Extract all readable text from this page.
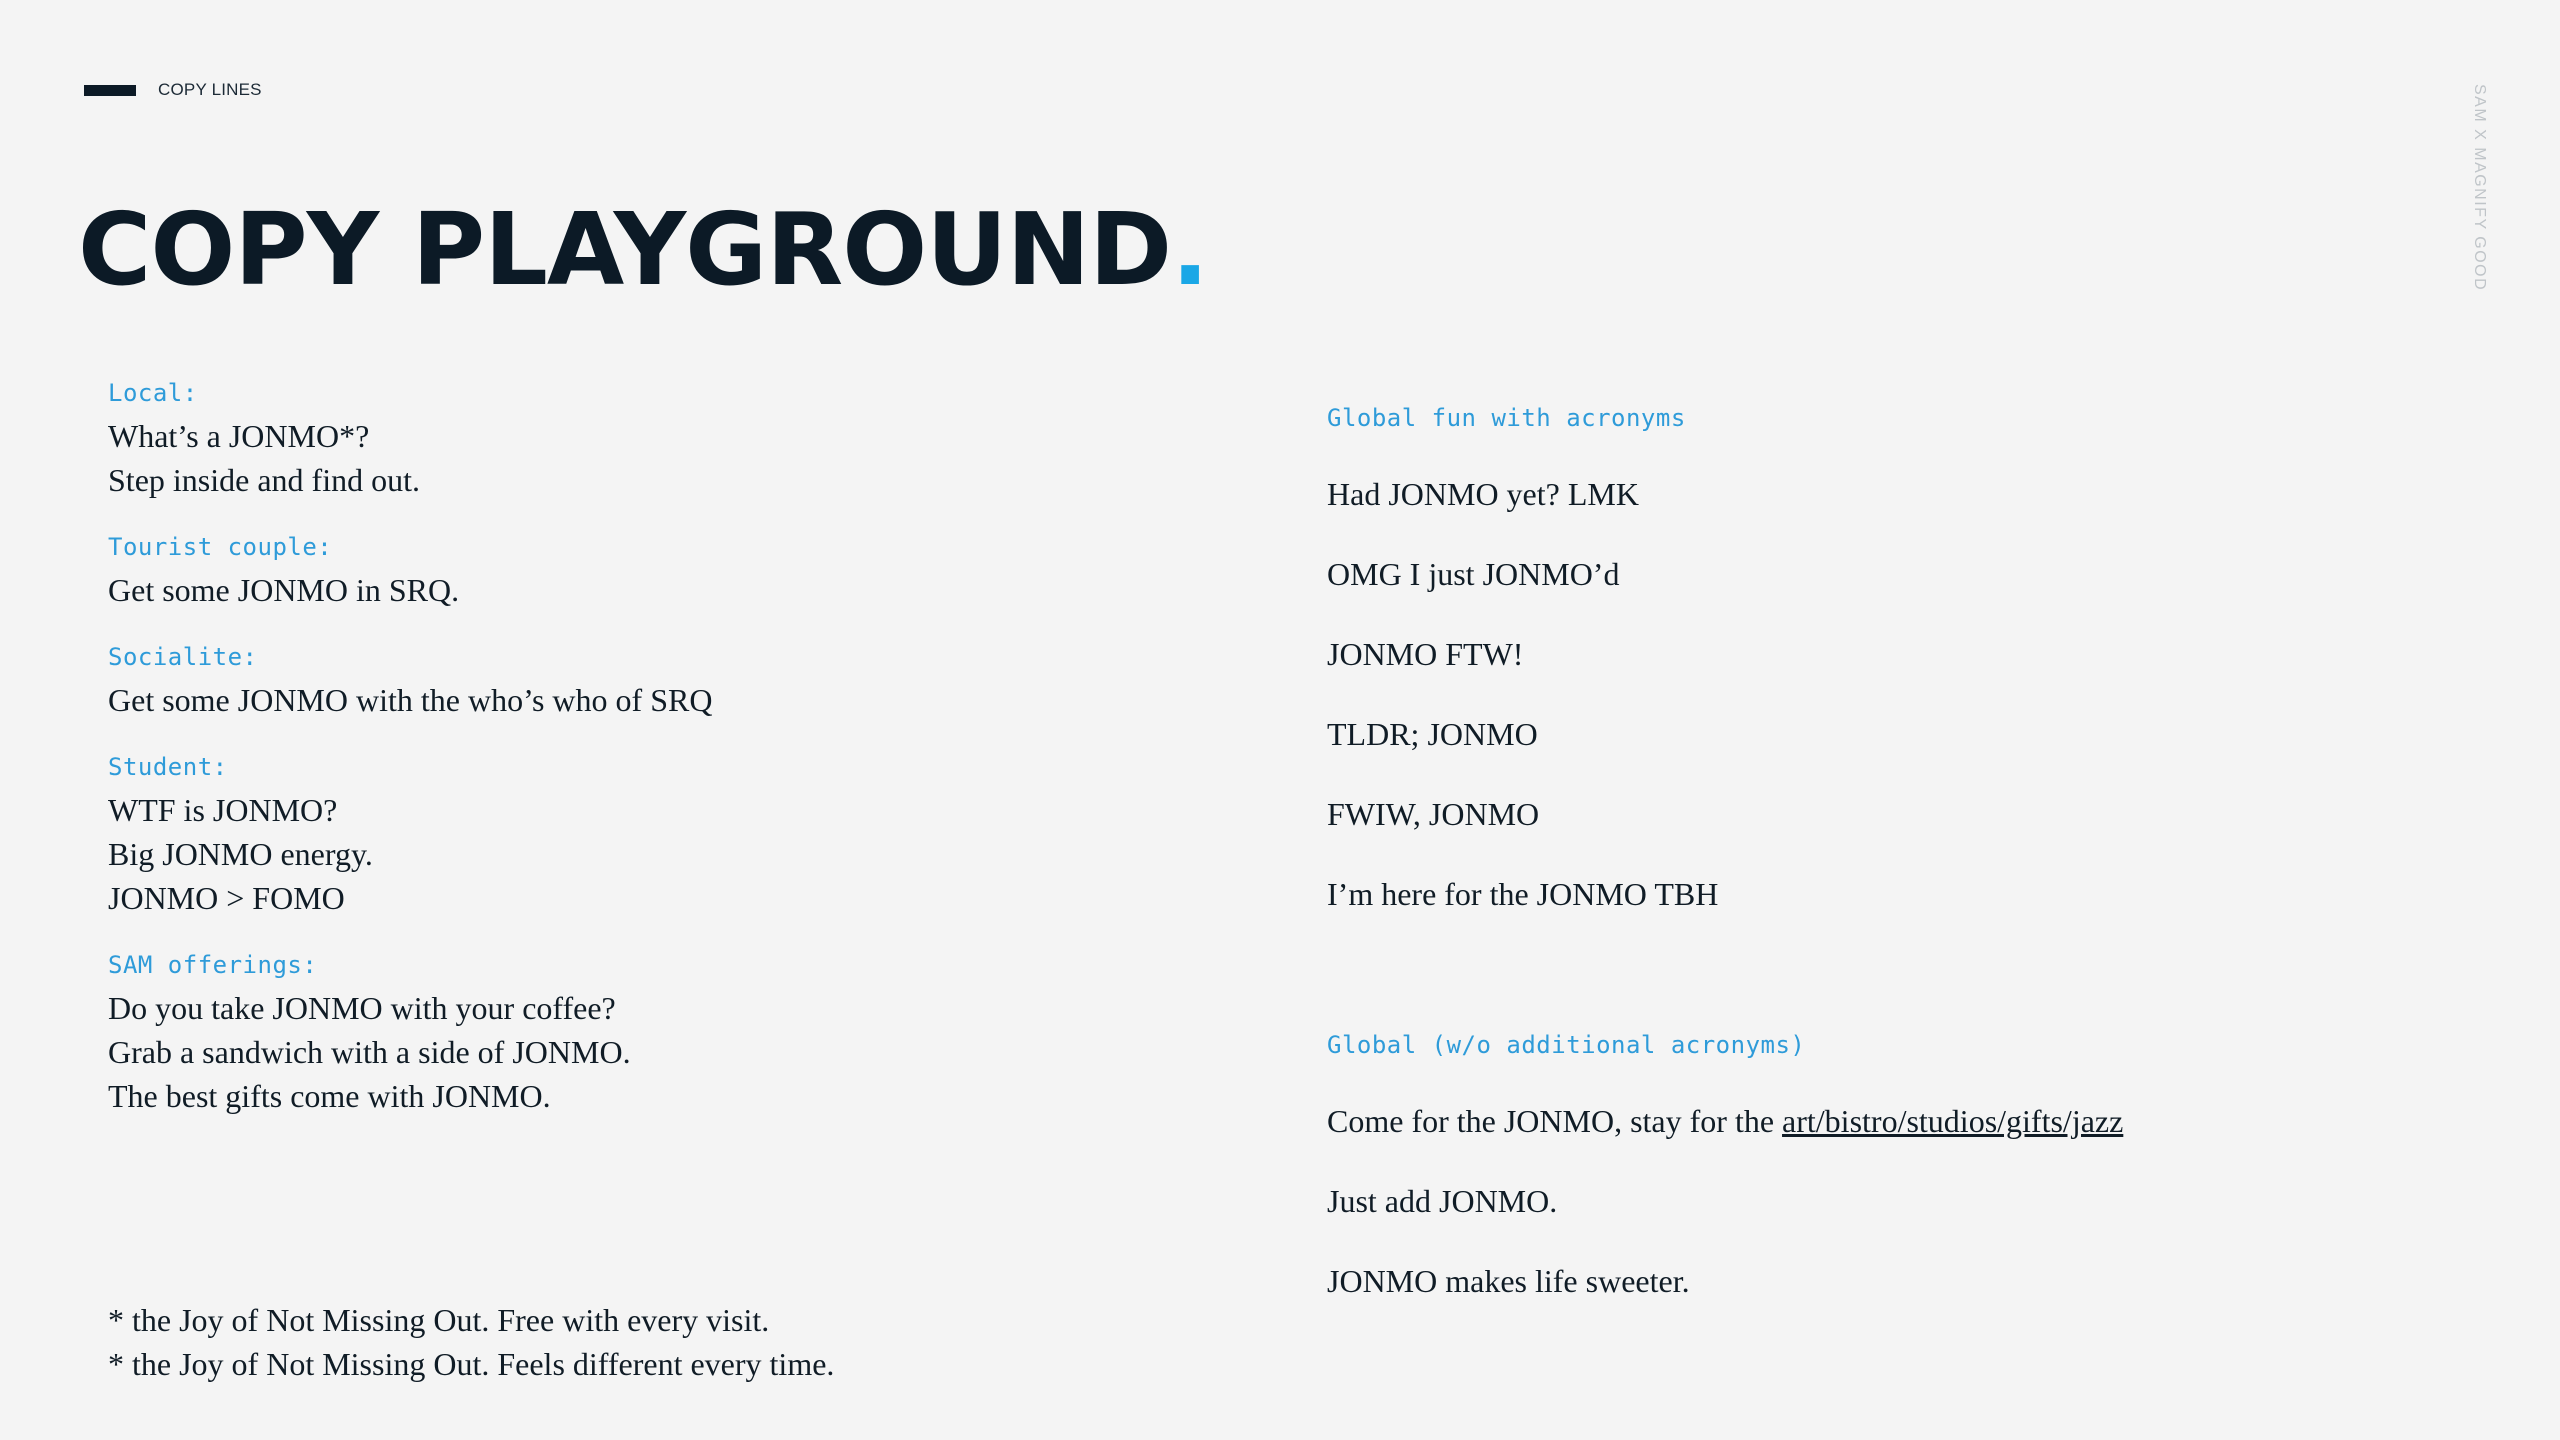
COPY LINES
COPY PLAYGROUND.	SAM X MAGNIFY GOOD

Local:

What’s a JONMO*?

Step inside and find out.

Tourist couple:

Get some JONMO in SRQ.

Socialite:

Get some JONMO with the who’s who of SRQ

Student:

WTF is JONMO?

Big JONMO energy.

JONMO > FOMO

SAM offerings:

Do you take JONMO with your coffee?

Grab a sandwich with a side of JONMO.

The best gifts come with JONMO.

* the Joy of Not Missing Out. Free with every visit.

* the Joy of Not Missing Out. Feels different every time.

Global fun with acronyms

Had JONMO yet? LMK

OMG I just JONMO’d

JONMO FTW!

TLDR; JONMO

FWIW, JONMO

I’m here for the JONMO TBH

Global (w/o additional acronyms)

Come for the JONMO, stay for the art/bistro/studios/gifts/jazz

Just add JONMO.

JONMO makes life sweeter.
